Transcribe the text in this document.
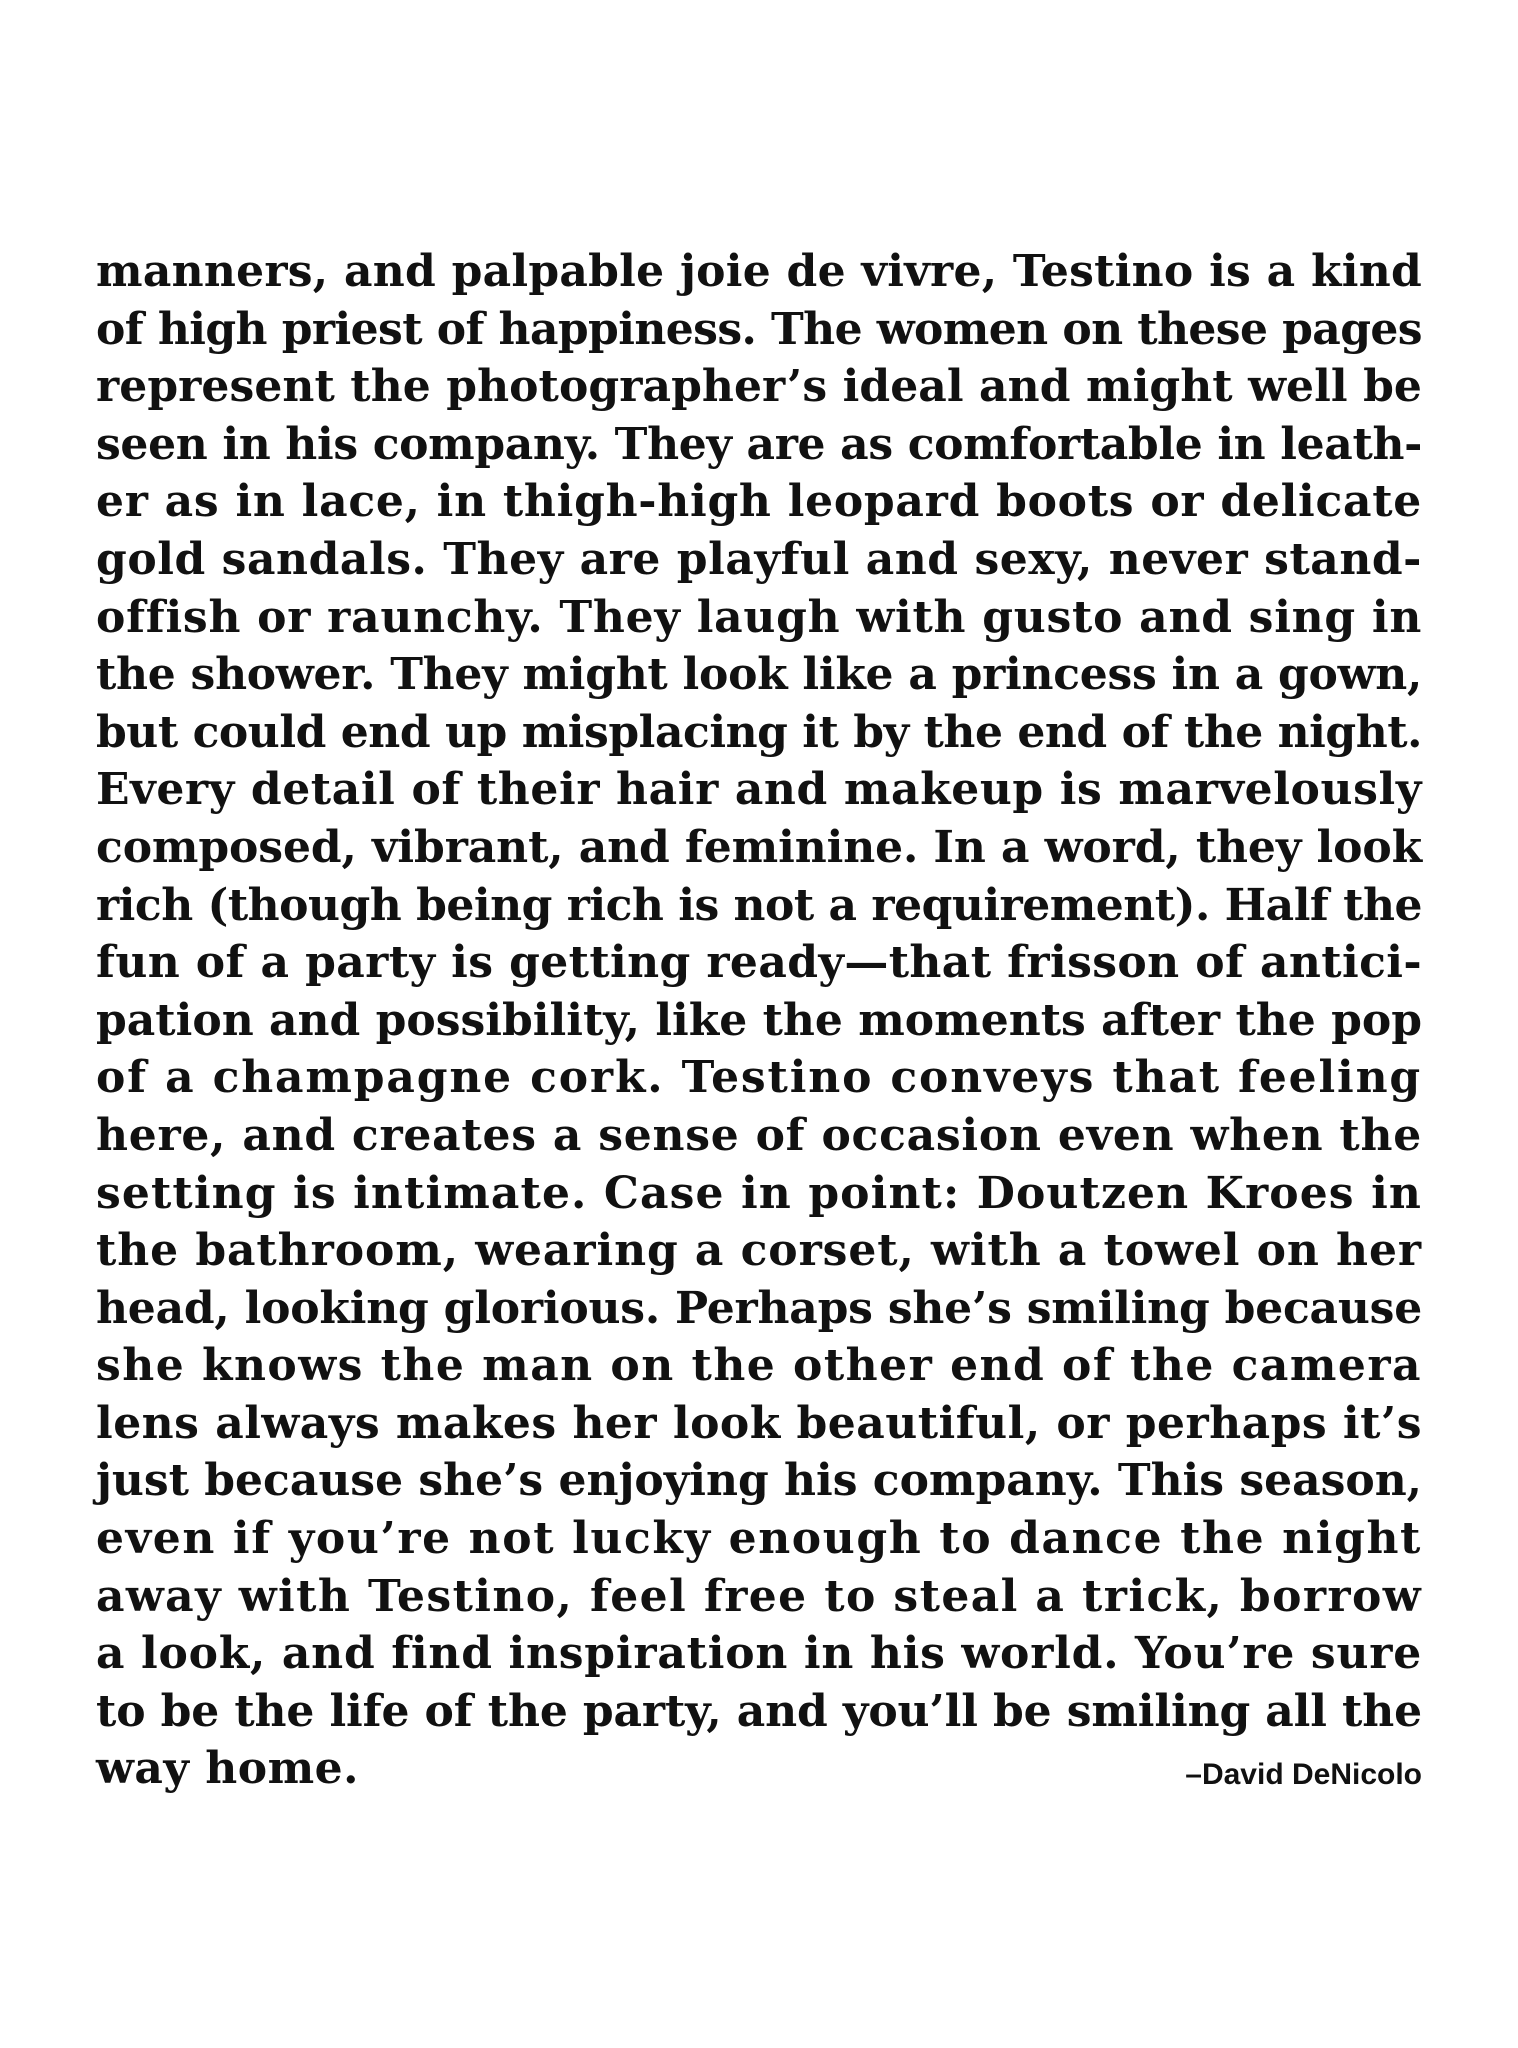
manners, and palpable joie de vivre, Testino is a kind
of high priest of happiness. The women on these pages
represent the photographer’s ideal and might well be
seen in his company. They are as comfortable in leath-
er as in lace, in thigh-high leopard boots or delicate
gold sandals. They are playful and sexy, never stand-
offish or raunchy. They laugh with gusto and sing in
the shower. They might look like a princess in a gown,
but could end up misplacing it by the end of the night.
Every detail of their hair and makeup is marvelously
composed, vibrant, and feminine. In a word, they look
rich (though being rich is not a requirement). Half the
fun of a party is getting ready—that frisson of antici-
pation and possibility, like the moments after the pop
of a champagne cork. Testino conveys that feeling
here, and creates a sense of occasion even when the
setting is intimate. Case in point: Doutzen Kroes in
the bathroom, wearing a corset, with a towel on her
head, looking glorious. Perhaps she’s smiling because
she knows the man on the other end of the camera
lens always makes her look beautiful, or perhaps it’s
just because she’s enjoying his company. This season,
even if you’re not lucky enough to dance the night
away with Testino, feel free to steal a trick, borrow
a look, and find inspiration in his world. You’re sure
to be the life of the party, and you’ll be smiling all the
way home.	–David DeNicolo
